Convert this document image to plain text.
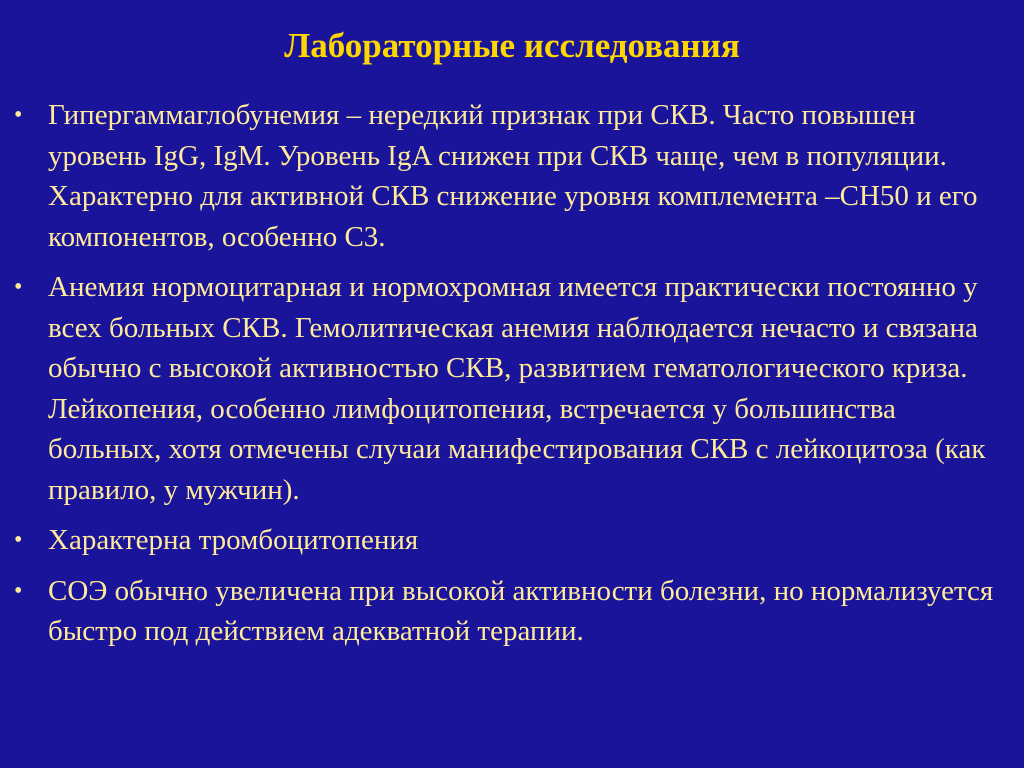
Лабораторные исследования
• Гипергаммаглобунемия – нередкий признак при СКВ. Часто повышен уровень IgG, IgM. Уровень IgA снижен при СКВ чаще, чем в популяции. Характерно для активной СКВ снижение уровня комплемента –CH50 и его компонентов, особенно С3.
• Анемия нормоцитарная и нормохромная имеется практически постоянно у всех больных СКВ. Гемолитическая анемия наблюдается нечасто и связана обычно с высокой активностью СКВ, развитием гематологического криза. Лейкопения, особенно лимфоцитопения, встречается у большинства больных, хотя отмечены случаи манифестирования СКВ с лейкоцитоза (как правило, у мужчин).
• Характерна тромбоцитопения
• СОЭ обычно увеличена при высокой активности болезни, но нормализуется быстро под действием адекватной терапии.
